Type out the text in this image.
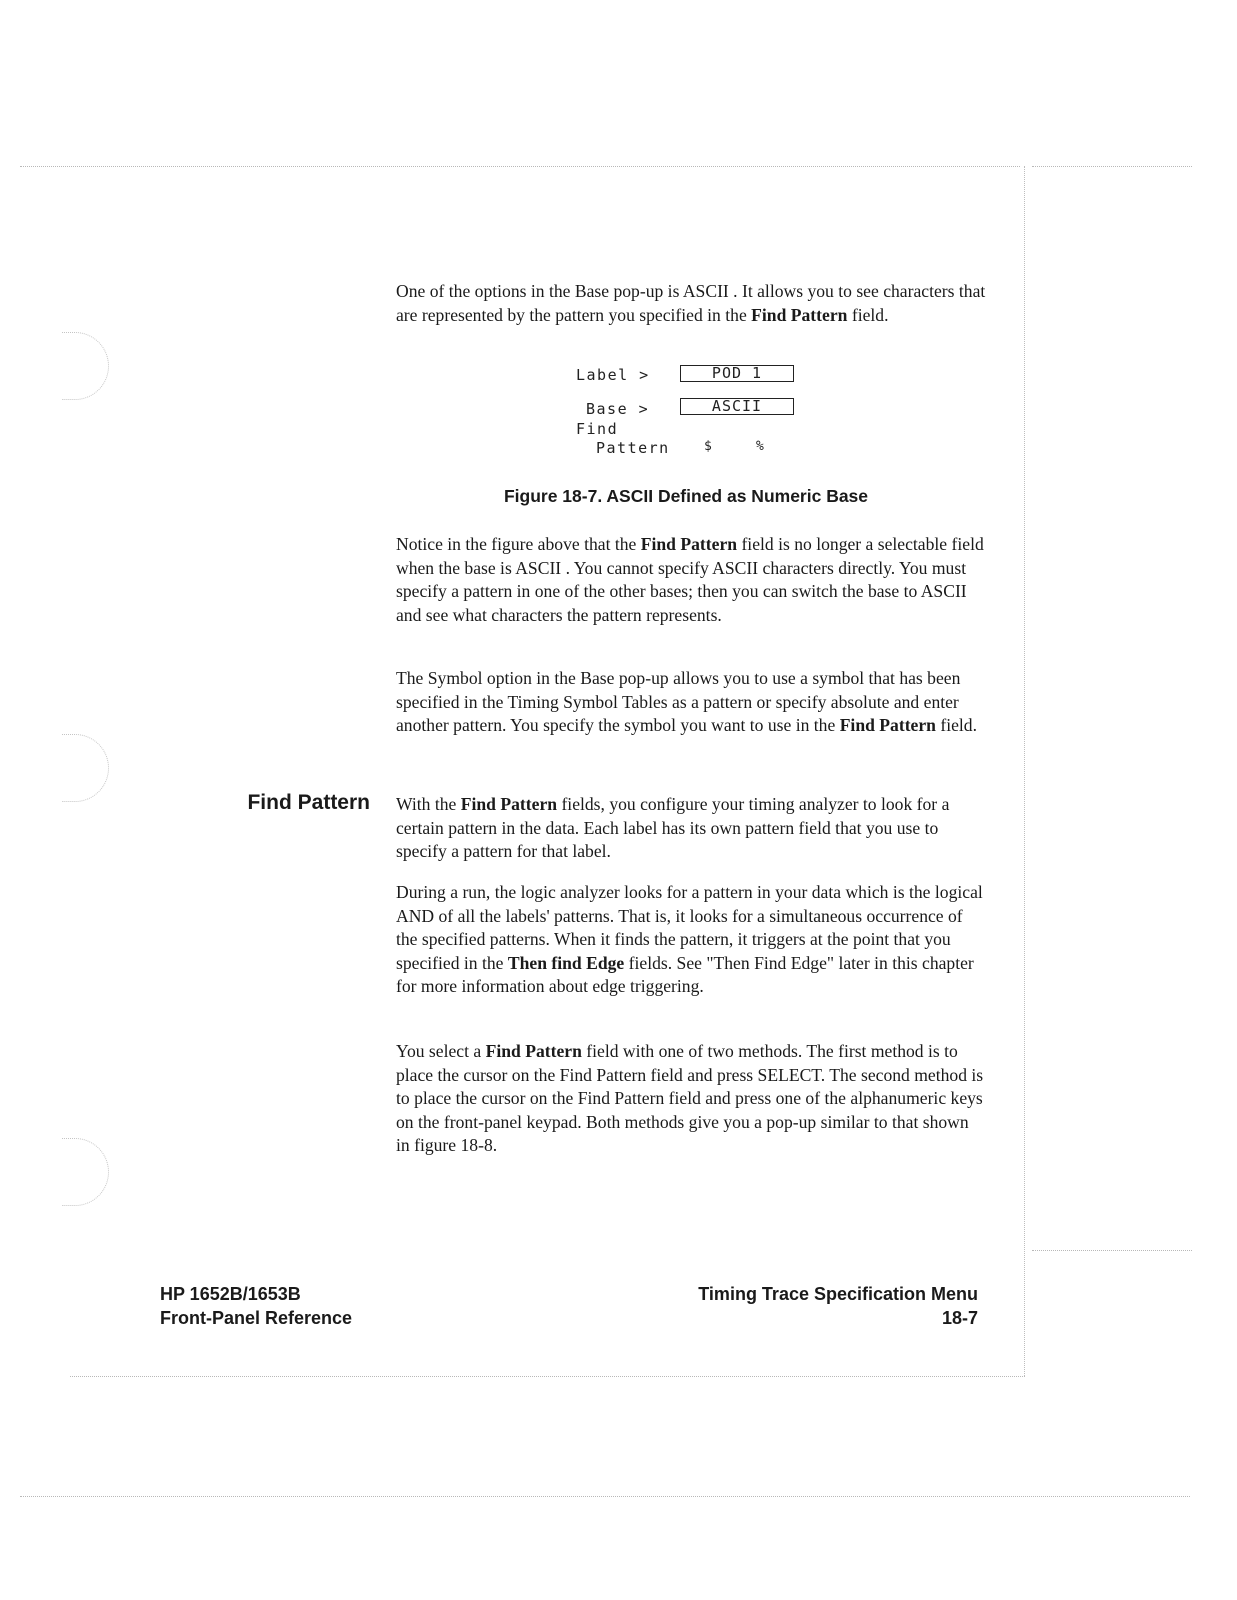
One of the options in the Base pop-up is ASCII . It allows you to see characters that are represented by the pattern you specified in the Find Pattern field.

Label >	POD 1
Base >	ASCII
Find
Pattern	$	%
Figure 18-7. ASCII Defined as Numeric Base

Notice in the figure above that the Find Pattern field is no longer a selectable field when the base is ASCII . You cannot specify ASCII characters directly. You must specify a pattern in one of the other bases; then you can switch the base to ASCII and see what characters the pattern represents.

The Symbol option in the Base pop-up allows you to use a symbol that has been specified in the Timing Symbol Tables as a pattern or specify absolute and enter another pattern. You specify the symbol you want to use in the Find Pattern field.

Find Pattern With the Find Pattern fields, you configure your timing analyzer to look for a certain pattern in the data. Each label has its own pattern field that you use to specify a pattern for that label.

During a run, the logic analyzer looks for a pattern in your data which is the logical AND of all the labels' patterns. That is, it looks for a simultaneous occurrence of the specified patterns. When it finds the pattern, it triggers at the point that you specified in the Then find Edge fields. See "Then Find Edge" later in this chapter for more information about edge triggering.

You select a Find Pattern field with one of two methods. The first method is to place the cursor on the Find Pattern field and press SELECT. The second method is to place the cursor on the Find Pattern field and press one of the alphanumeric keys on the front-panel keypad. Both methods give you a pop-up similar to that shown in figure 18-8.

HP 1652B/1653B
Front-Panel Reference
Timing Trace Specification Menu
18-7
